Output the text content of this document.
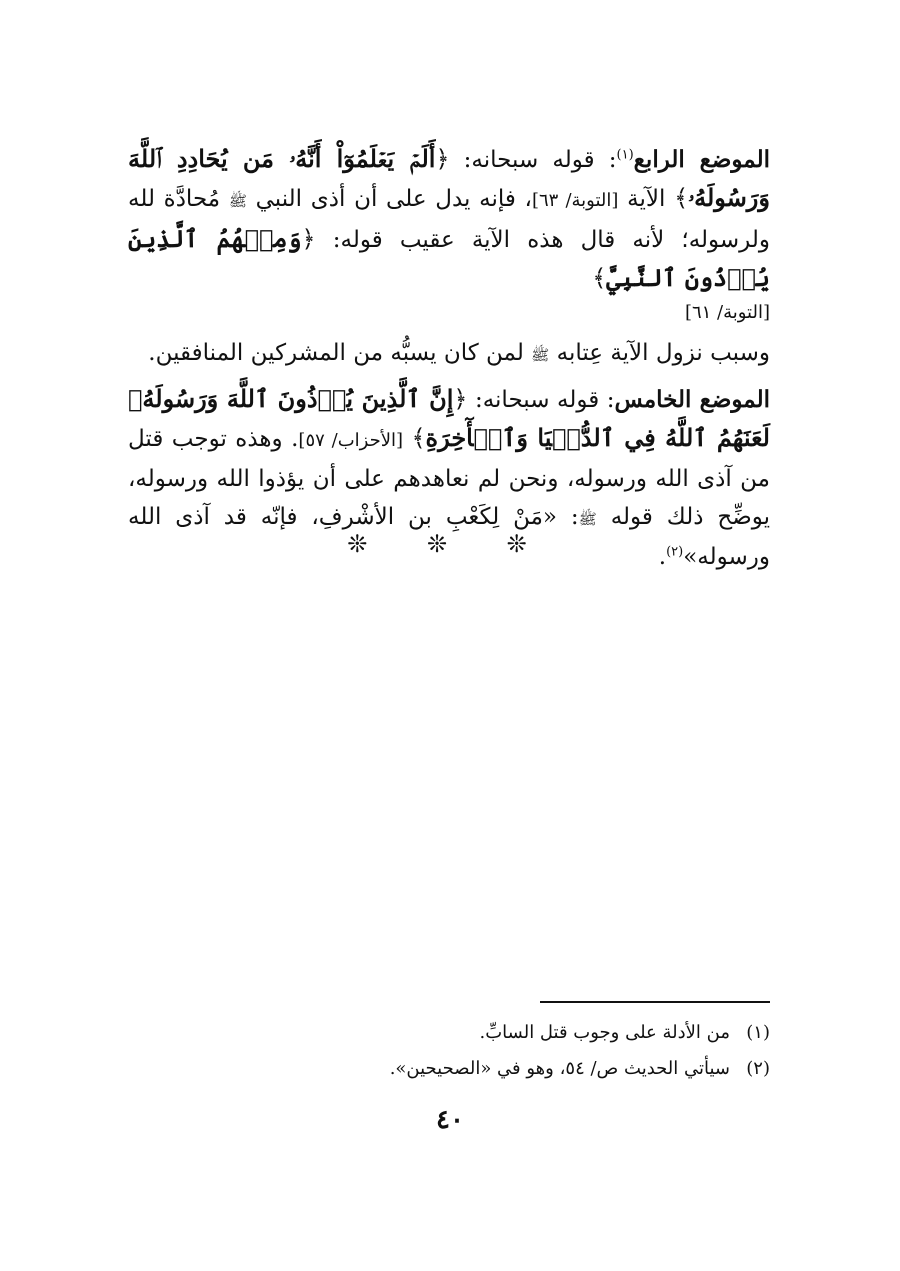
الموضع الرابع$^{(١)}$: قوله سبحانه: ﴿أَلَمۡ يَعۡلَمُوٓاْ أَنَّهُۥ مَن يُحَادِدِ ٱللَّهَ وَرَسُولَهُۥ﴾ الآية [التوبة/ ٦٣]، فإنه يدل على أن أذى النبي ﷺ مُحادَّة لله ولرسوله؛ لأنه قال هذه الآية عقيب قوله: ﴿وَمِنۡهُمُ ٱلَّذِينَ يُؤۡذُونَ ٱلنَّبِيَّ﴾
[التوبة/ ٦١]

وسبب نزول الآية عِتابه ﷺ لمن كان يسبُّه من المشركين المنافقين.

الموضع الخامس: قوله سبحانه: ﴿إِنَّ ٱلَّذِينَ يُؤۡذُونَ ٱللَّهَ وَرَسُولَهُۥ لَعَنَهُمُ ٱللَّهُ فِي ٱلدُّنۡيَا وَٱلۡأٓخِرَةِ﴾ [الأحزاب/ ٥٧]. وهذه توجب قتل من آذى الله ورسوله، ونحن لم نعاهدهم على أن يؤذوا الله ورسوله، يوضِّح ذلك قوله ﷺ: «مَنْ لِكَعْبِ بن الأشْرفِ، فإنّه قد آذى الله ورسوله»$^{(٢)}$.

❊ ❊ ❊

(١)من الأدلة على وجوب قتل السابِّ.

(٢)سيأتي الحديث ص/ ٥٤، وهو في «الصحيحين».

٤٠
